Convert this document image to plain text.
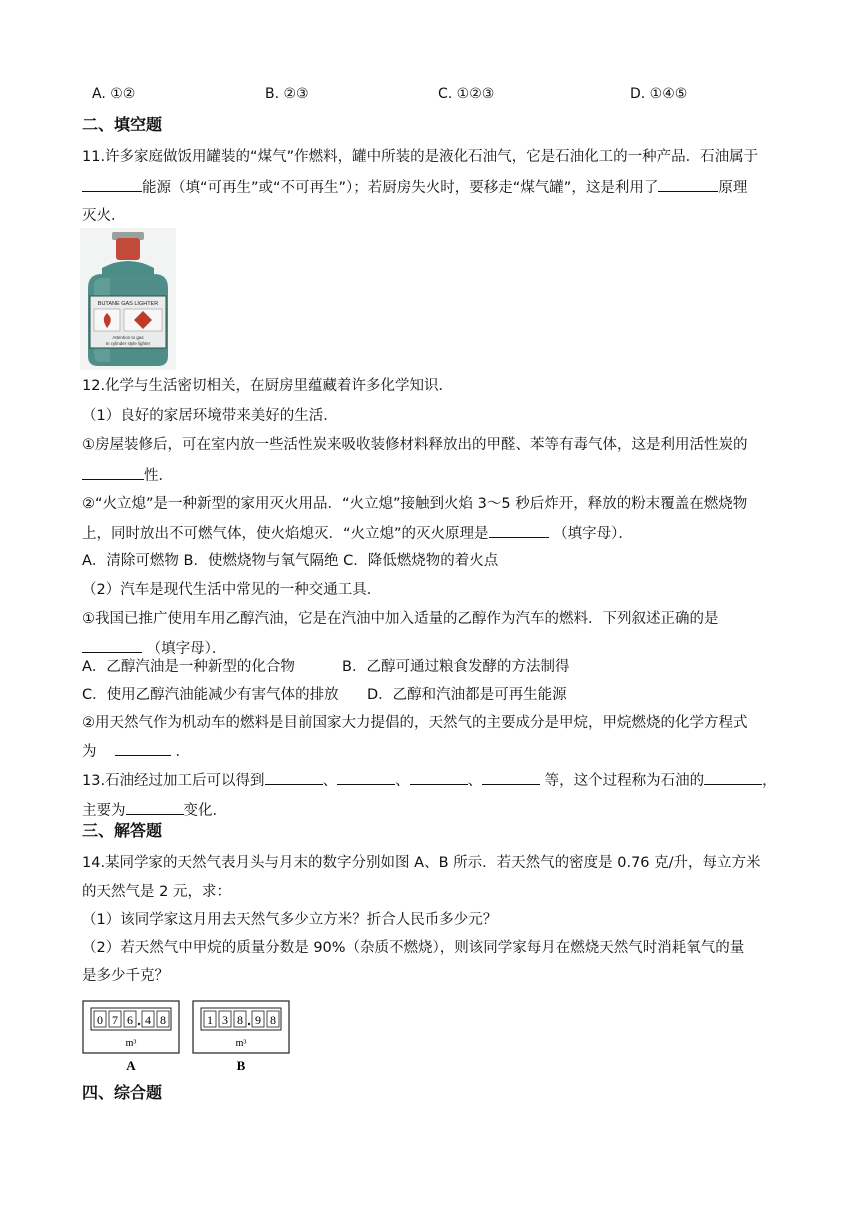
A. ①②	B. ②③	C. ①②③	D. ①④⑤
二、填空题
11.许多家庭做饭用罐装的“煤气”作燃料，罐中所装的是液化石油气，它是石油化工的一种产品．石油属于
能源（填“可再生”或“不可再生”）；若厨房失火时，要移走“煤气罐”，这是利用了	原理
灭火．
BUTANE GAS LIGHTER
Attention to gas
In cylinder style lighter
12.化学与生活密切相关，在厨房里蕴藏着许多化学知识．
（1）良好的家居环境带来美好的生活．
①房屋装修后，可在室内放一些活性炭来吸收装修材料释放出的甲醛、苯等有毒气体，这是利用活性炭的
性．
②“火立熄”是一种新型的家用灭火用品．“火立熄”接触到火焰 3～5 秒后炸开，释放的粉末覆盖在燃烧物
上，同时放出不可燃气体，使火焰熄灭．“火立熄”的灭火原理是	（填字母）．
A．清除可燃物 B．使燃烧物与氧气隔绝 C．降低燃烧物的着火点
（2）汽车是现代生活中常见的一种交通工具．
①我国已推广使用车用乙醇汽油，它是在汽油中加入适量的乙醇作为汽车的燃料．下列叙述正确的是
（填字母）．
A．乙醇汽油是一种新型的化合物	B．乙醇可通过粮食发酵的方法制得
C．使用乙醇汽油能减少有害气体的排放 D．乙醇和汽油都是可再生能源
②用天然气作为机动车的燃料是目前国家大力提倡的，天然气的主要成分是甲烷，甲烷燃烧的化学方程式
为	．
13.石油经过加工后可以得到	、	、	、	等，这个过程称为石油的	，
主要为	变化．
三、解答题
14.某同学家的天然气表月头与月末的数字分别如图 A、B 所示．若天然气的密度是 0.76 克/升，每立方米
的天然气是 2 元，求：
（1）该同学家这月用去天然气多少立方米？折合人民币多少元？
（2）若天然气中甲烷的质量分数是 90%（杂质不燃烧），则该同学家每月在燃烧天然气时消耗氧气的量
是多少千克？
0 7 6 4 8
m³
A
1 3 8 9 8
m³
B
四、综合题
